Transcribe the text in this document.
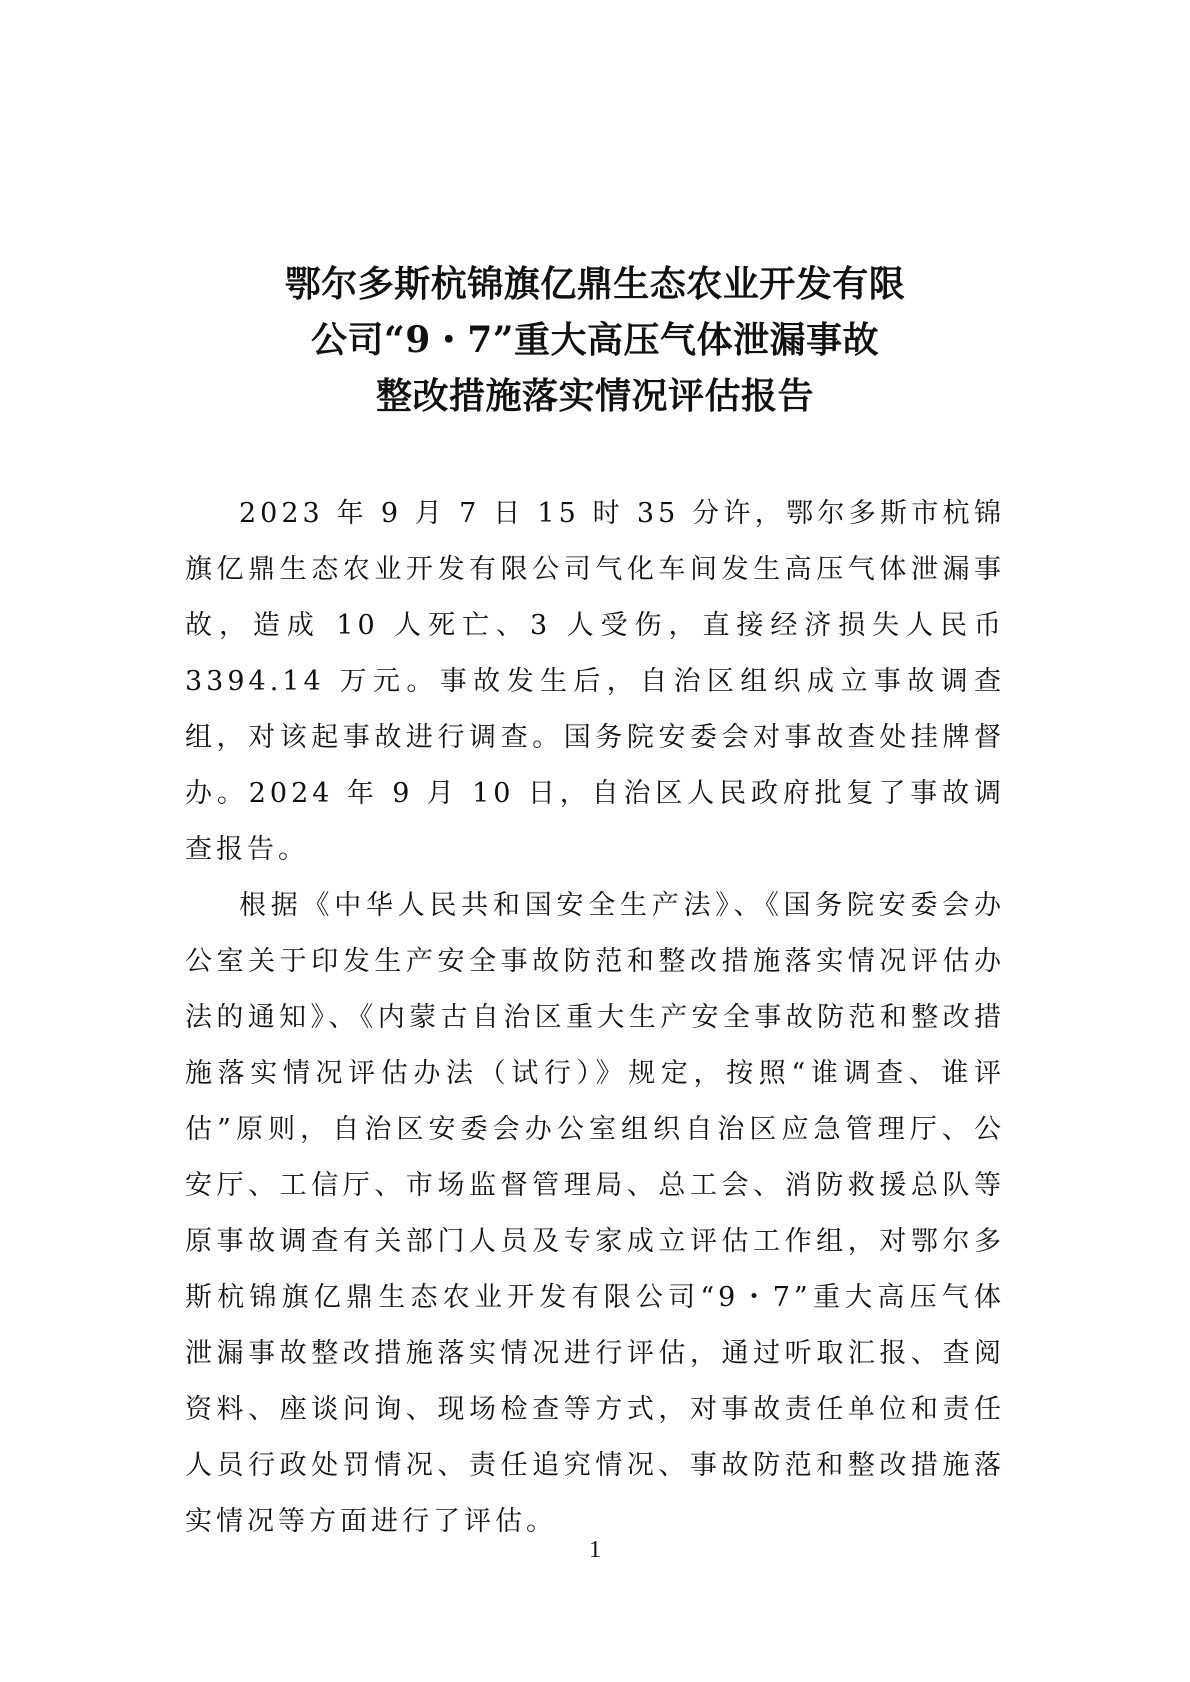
鄂尔多斯杭锦旗亿鼎生态农业开发有限
公司“9・7”重大高压气体泄漏事故
整改措施落实情况评估报告

2023 年 9 月 7 日 15 时 35 分许，鄂尔多斯市杭锦旗亿鼎生态农业开发有限公司气化车间发生高压气体泄漏事故，造成 10 人死亡、3 人受伤，直接经济损失人民币 3394.14 万元。事故发生后，自治区组织成立事故调查组，对该起事故进行调查。国务院安委会对事故查处挂牌督办。2024 年 9 月 10 日，自治区人民政府批复了事故调查报告。

根据《中华人民共和国安全生产法》、《国务院安委会办公室关于印发生产安全事故防范和整改措施落实情况评估办法的通知》、《内蒙古自治区重大生产安全事故防范和整改措施落实情况评估办法（试行）》规定，按照“谁调查、谁评估”原则，自治区安委会办公室组织自治区应急管理厅、公安厅、工信厅、市场监督管理局、总工会、消防救援总队等原事故调查有关部门人员及专家成立评估工作组，对鄂尔多斯杭锦旗亿鼎生态农业开发有限公司“9・7”重大高压气体泄漏事故整改措施落实情况进行评估，通过听取汇报、查阅资料、座谈问询、现场检查等方式，对事故责任单位和责任人员行政处罚情况、责任追究情况、事故防范和整改措施落实情况等方面进行了评估。

1
